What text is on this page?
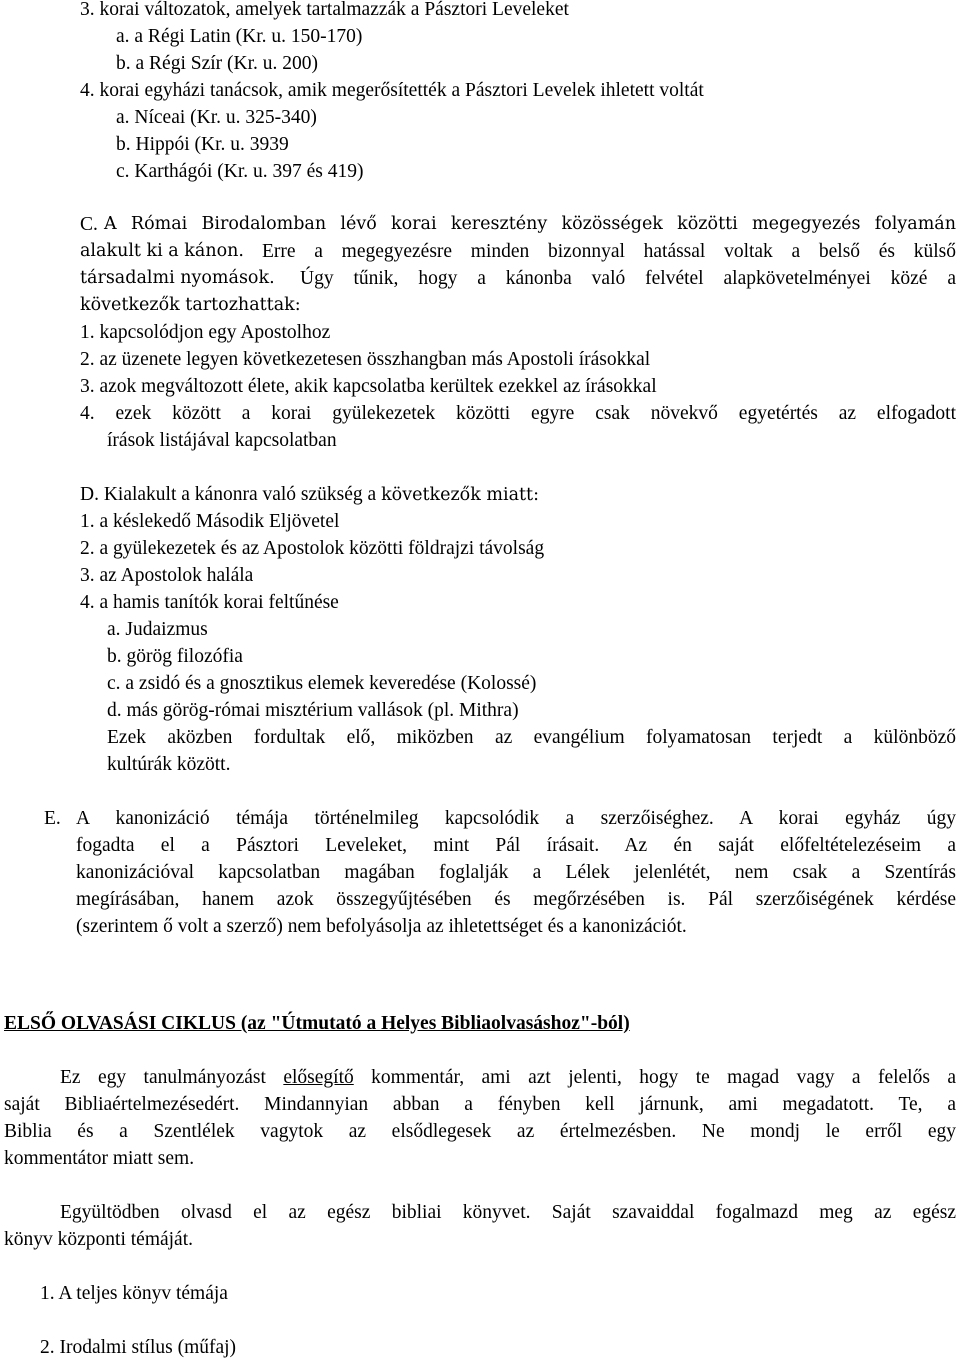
3. korai változatok, amelyek tartalmazzák a Pásztori Leveleket
a. a Régi Latin (Kr. u. 150-170)
b. a Régi Szír (Kr. u. 200)
4. korai egyházi tanácsok, amik megerősítették a Pásztori Levelek ihletett voltát
a. Níceai (Kr. u. 325-340)
b. Hippói (Kr. u. 3939
c. Karthágói (Kr. u. 397 és 419)
C. A Római Birodalomban lévő korai keresztény közösségek közötti megegyezés folyamán
alakult ki a kánon. Erre a megegyezésre minden bizonnyal hatással voltak a belső és külső
társadalmi nyomások. Úgy tűnik, hogy a kánonba való felvétel alapkövetelményei közé a
következők tartozhattak:
1. kapcsolódjon egy Apostolhoz
2. az üzenete legyen következetesen összhangban más Apostoli írásokkal
3. azok megváltozott élete, akik kapcsolatba kerültek ezekkel az írásokkal
4. ezek között a korai gyülekezetek közötti egyre csak növekvő egyetértés az elfogadott
írások listájával kapcsolatban
D. Kialakult a kánonra való szükség a következők miatt:
1. a késlekedő Második Eljövetel
2. a gyülekezetek és az Apostolok közötti földrajzi távolság
3. az Apostolok halála
4. a hamis tanítók korai feltűnése
a. Judaizmus
b. görög filozófia
c. a zsidó és a gnosztikus elemek keveredése (Kolossé)
d. más görög-római misztérium vallások (pl. Mithra)
Ezek aközben fordultak elő, miközben az evangélium folyamatosan terjedt a különböző
kultúrák között.
E. A kanonizáció témája történelmileg kapcsolódik a szerzőiséghez. A korai egyház úgy
fogadta el a Pásztori Leveleket, mint Pál írásait. Az én saját előfeltételezéseim a
kanonizációval kapcsolatban magában foglalják a Lélek jelenlétét, nem csak a Szentírás
megírásában, hanem azok összegyűjtésében és megőrzésében is. Pál szerzőiségének kérdése
(szerintem ő volt a szerző) nem befolyásolja az ihletettséget és a kanonizációt.
ELSŐ OLVASÁSI CIKLUS (az "Útmutató a Helyes Bibliaolvasáshoz"-ból)
Ez egy tanulmányozást elősegítő kommentár, ami azt jelenti, hogy te magad vagy a felelős a
saját Bibliaértelmezésedért. Mindannyian abban a fényben kell járnunk, ami megadatott. Te, a
Biblia és a Szentlélek vagytok az elsődlegesek az értelmezésben. Ne mondj le erről egy
kommentátor miatt sem.
Együltödben olvasd el az egész bibliai könyvet. Saját szavaiddal fogalmazd meg az egész
könyv központi témáját.
1. A teljes könyv témája
2. Irodalmi stílus (műfaj)
